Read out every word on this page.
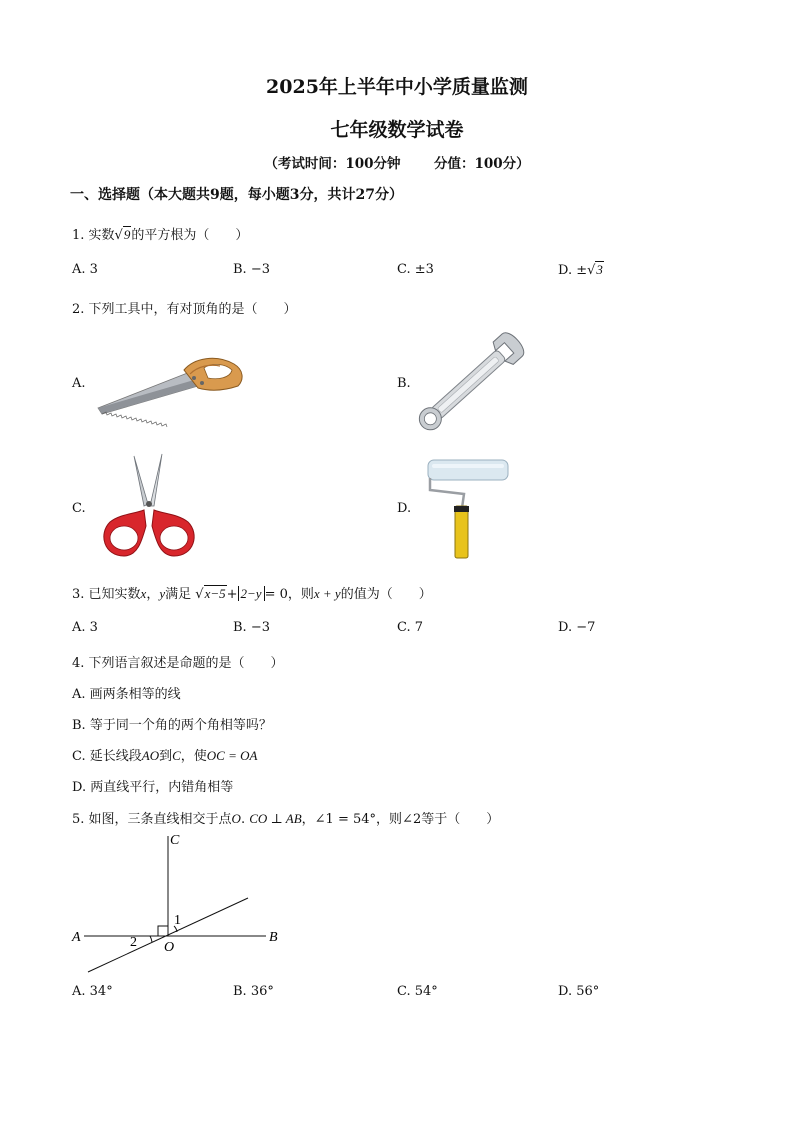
2025年上半年中小学质量监测
七年级数学试卷
（考试时间：100分钟 分值：100分）
一、选择题（本大题共9题，每小题3分，共计27分）
1. 实数√9的平方根为（　　）
A. 3	B. −3	C. ±3	D. ±√3
2. 下列工具中，有对顶角的是（　　）
A.	B.
C.	D.
3. 已知实数x，y满足 √x−5+ 2−y = 0，则x + y的值为（　　）
A. 3	B. −3	C. 7	D. −7
4. 下列语言叙述是命题的是（　　）
A. 画两条相等的线
B. 等于同一个角的两个角相等吗？
C. 延长线段AO到C，使OC = OA
D. 两直线平行，内错角相等
5. 如图，三条直线相交于点O. CO ⊥ AB，∠1 = 54°，则∠2等于（　　）
C
A	B
O
1
2
A. 34°	B. 36°	C. 54°	D. 56°
